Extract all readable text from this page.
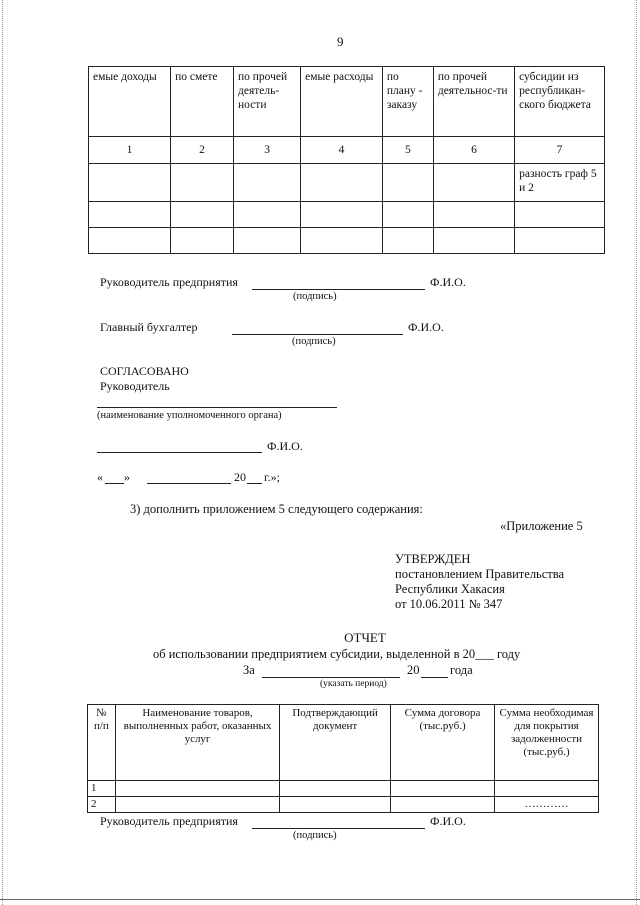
9
емые доходы	по смете	по прочей деятель-ности	емые расходы	по плану - заказу	по прочей деятельнос-ти	субсидии из республикан-ского бюджета
1	2	3	4	5	6	7
						разность граф 5 и 2

Руководитель предприятия	Ф.И.О.
(подпись)
Главный бухгалтер	Ф.И.О.
(подпись)
СОГЛАСОВАНО
Руководитель
(наименование уполномоченного органа)
Ф.И.О.
« »	20 г.»;
3) дополнить приложением 5 следующего содержания:
«Приложение 5
УТВЕРЖДЕН
постановлением Правительства
Республики Хакасия
от 10.06.2011 № 347
ОТЧЕТ
об использовании предприятием субсидии, выделенной в 20___ году
За	20 года
(указать период)
№ п/п	Наименование товаров, выполненных работ, оказанных услуг	Подтверждающий документ	Сумма договора (тыс.руб.)	Сумма необходимая для покрытия задолженности (тыс.руб.)
1				
2				…………
Руководитель предприятия	Ф.И.О.
(подпись)
